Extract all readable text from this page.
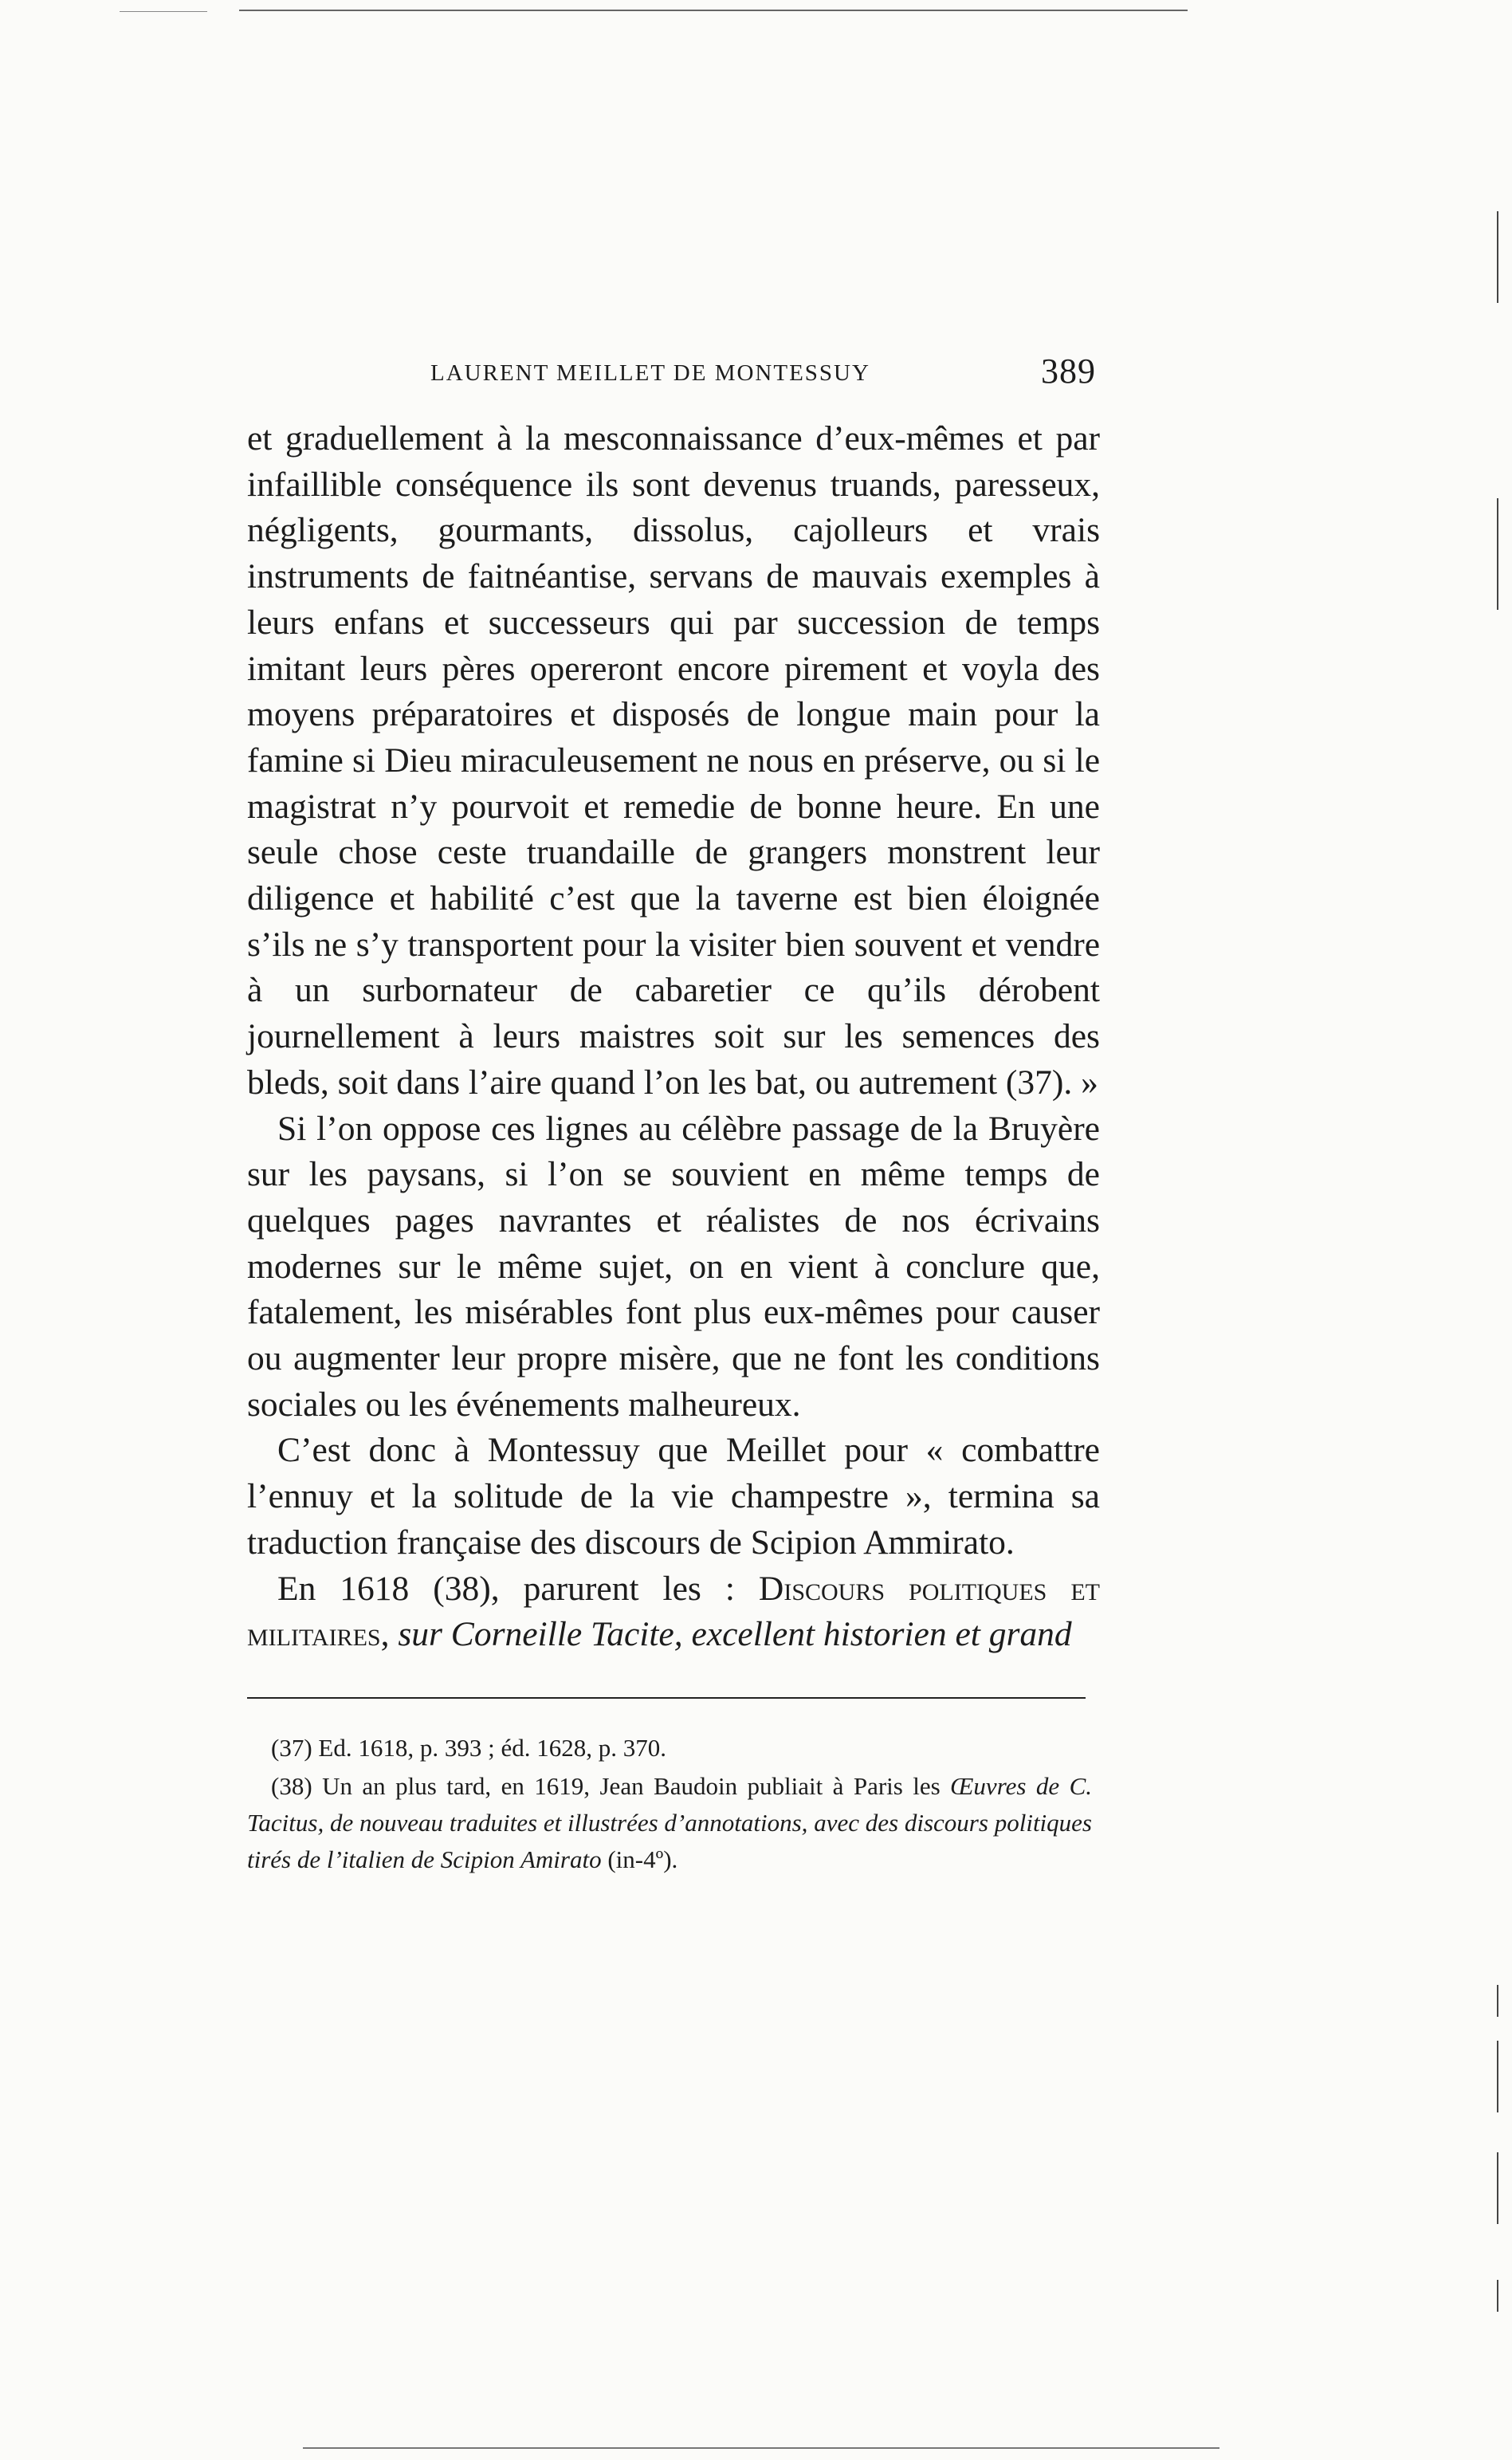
LAURENT MEILLET DE MONTESSUY	389

et graduellement à la mesconnaissance d’eux-mêmes et par infaillible conséquence ils sont devenus truands, paresseux, négligents, gourmants, dissolus, cajolleurs et vrais instruments de faitnéantise, servans de mauvais exemples à leurs enfans et successeurs qui par succession de temps imitant leurs pères opereront encore pirement et voyla des moyens préparatoires et disposés de longue main pour la famine si Dieu miraculeusement ne nous en préserve, ou si le magistrat n’y pourvoit et remedie de bonne heure. En une seule chose ceste truandaille de grangers monstrent leur diligence et habilité c’est que la taverne est bien éloignée s’ils ne s’y transportent pour la visiter bien souvent et vendre à un surbornateur de cabaretier ce qu’ils dérobent journellement à leurs maistres soit sur les semences des bleds, soit dans l’aire quand l’on les bat, ou autrement (37). »

Si l’on oppose ces lignes au célèbre passage de la Bruyère sur les paysans, si l’on se souvient en même temps de quelques pages navrantes et réalistes de nos écrivains modernes sur le même sujet, on en vient à conclure que, fatalement, les misérables font plus eux-mêmes pour causer ou augmenter leur propre misère, que ne font les conditions sociales ou les événements malheureux.

C’est donc à Montessuy que Meillet pour « combattre l’ennuy et la solitude de la vie champestre », termina sa traduction française des discours de Scipion Ammirato.

En 1618 (38), parurent les : Discours politiques et militaires, sur Corneille Tacite, excellent historien et grand

(37) Ed. 1618, p. 393 ; éd. 1628, p. 370.

(38) Un an plus tard, en 1619, Jean Baudoin publiait à Paris les Œuvres de C. Tacitus, de nouveau traduites et illustrées d’annotations, avec des discours politiques tirés de l’italien de Scipion Amirato (in-4º).
